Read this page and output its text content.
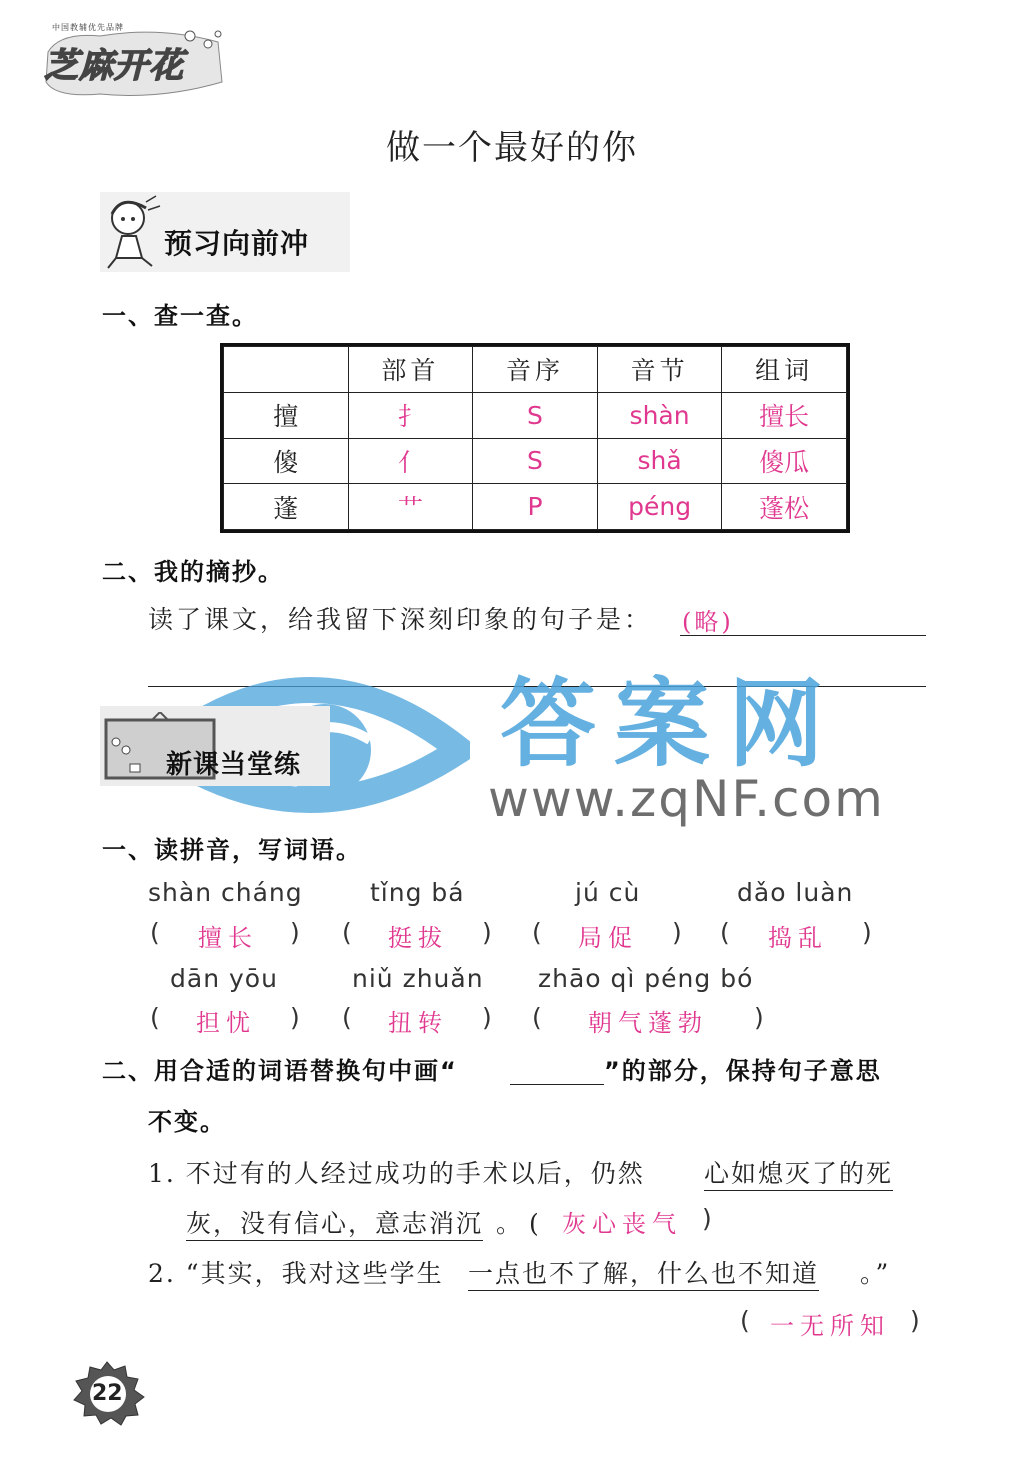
中国教辅优先品牌
芝麻开花
做一个最好的你
预习向前冲
一、查一查。
	部首	音序	音节	组词
擅	扌	S	shàn	擅长
傻	亻	S	shǎ	傻瓜
蓬	艹	P	péng	蓬松
二、我的摘抄。
读了课文，给我留下深刻印象的句子是： (略)
答案网
www.zqNF.com
新课当堂练
一、读拼音，写词语。
shàn cháng	tǐng bá	jú cù	dǎo luàn
( 擅长 ) ( 挺拔 ) ( 局促 ) ( 捣乱 )
dān yōu	niǔ zhuǎn zhāo qì péng bó
( 担忧 ) ( 扭转 ) ( 朝气蓬勃 )
二、用合适的词语替换句中画“	”的部分，保持句子意思
不变。
1. 不过有的人经过成功的手术以后，仍然 心如熄灭了的死
灰，没有信心，意志消沉 。( 灰心丧气 )
2. “其实，我对这些学生 一点也不了解，什么也不知道 。”
( 一无所知 )
22
